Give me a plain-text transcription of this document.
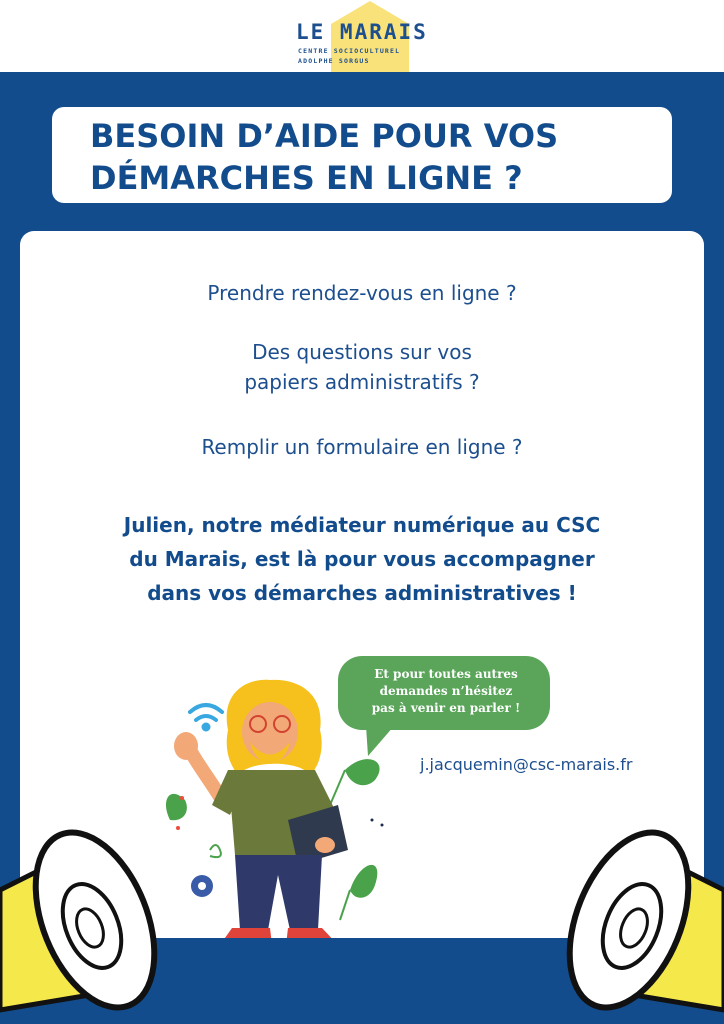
LE MARAIS
CENTRE SOCIOCULTUREL
ADOLPHE SORGUS
BESOIN D’AIDE POUR VOS
DÉMARCHES EN LIGNE ?

Prendre rendez-vous en ligne ?

Des questions sur vos
papiers administratifs ?

Remplir un formulaire en ligne ?

Julien, notre médiateur numérique au CSC
du Marais, est là pour vous accompagner
dans vos démarches administratives !

Et pour toutes autres
demandes n’hésitez
pas à venir en parler !

j.jacquemin@csc-marais.fr
